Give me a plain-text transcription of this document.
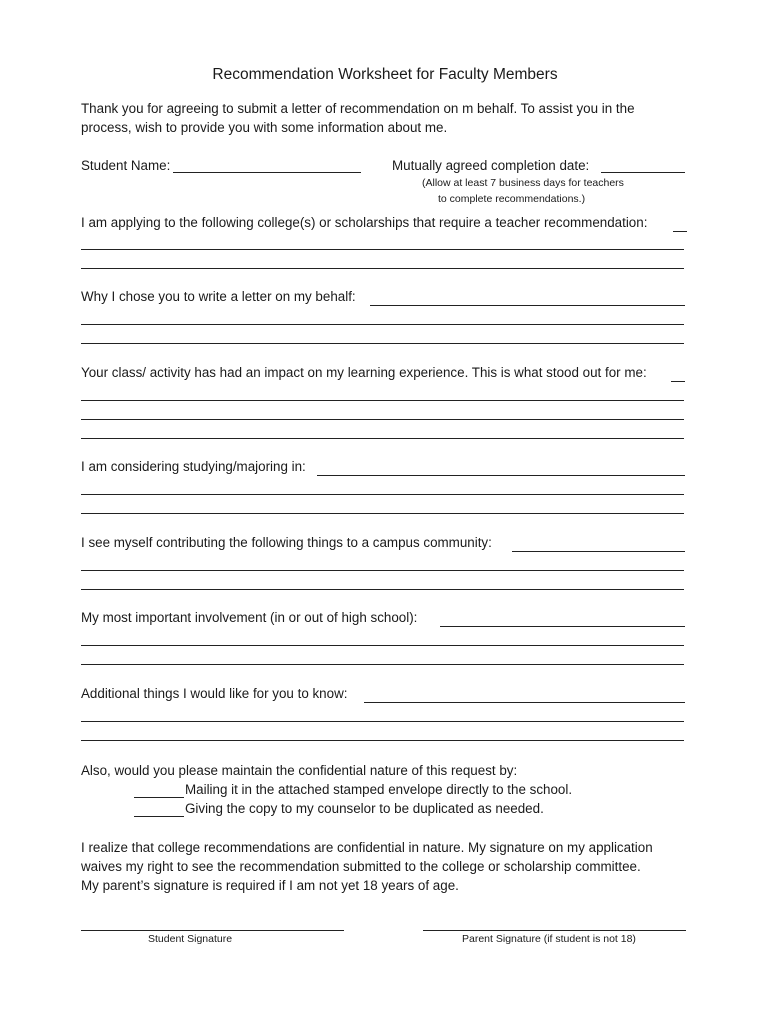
Recommendation Worksheet for Faculty Members
Thank you for agreeing to submit a letter of recommendation on m behalf. To assist you in the
process, wish to provide you with some information about me.
Student Name:	Mutually agreed completion date:
(Allow at least 7 business days for teachers
to complete recommendations.)
I am applying to the following college(s) or scholarships that require a teacher recommendation:
Why I chose you to write a letter on my behalf:
Your class/ activity has had an impact on my learning experience. This is what stood out for me:
I am considering studying/majoring in:
I see myself contributing the following things to a campus community:
My most important involvement (in or out of high school):
Additional things I would like for you to know:
Also, would you please maintain the confidential nature of this request by:
Mailing it in the attached stamped envelope directly to the school.
Giving the copy to my counselor to be duplicated as needed.
I realize that college recommendations are confidential in nature. My signature on my application
waives my right to see the recommendation submitted to the college or scholarship committee.
My parent’s signature is required if I am not yet 18 years of age.
Student Signature	Parent Signature (if student is not 18)
